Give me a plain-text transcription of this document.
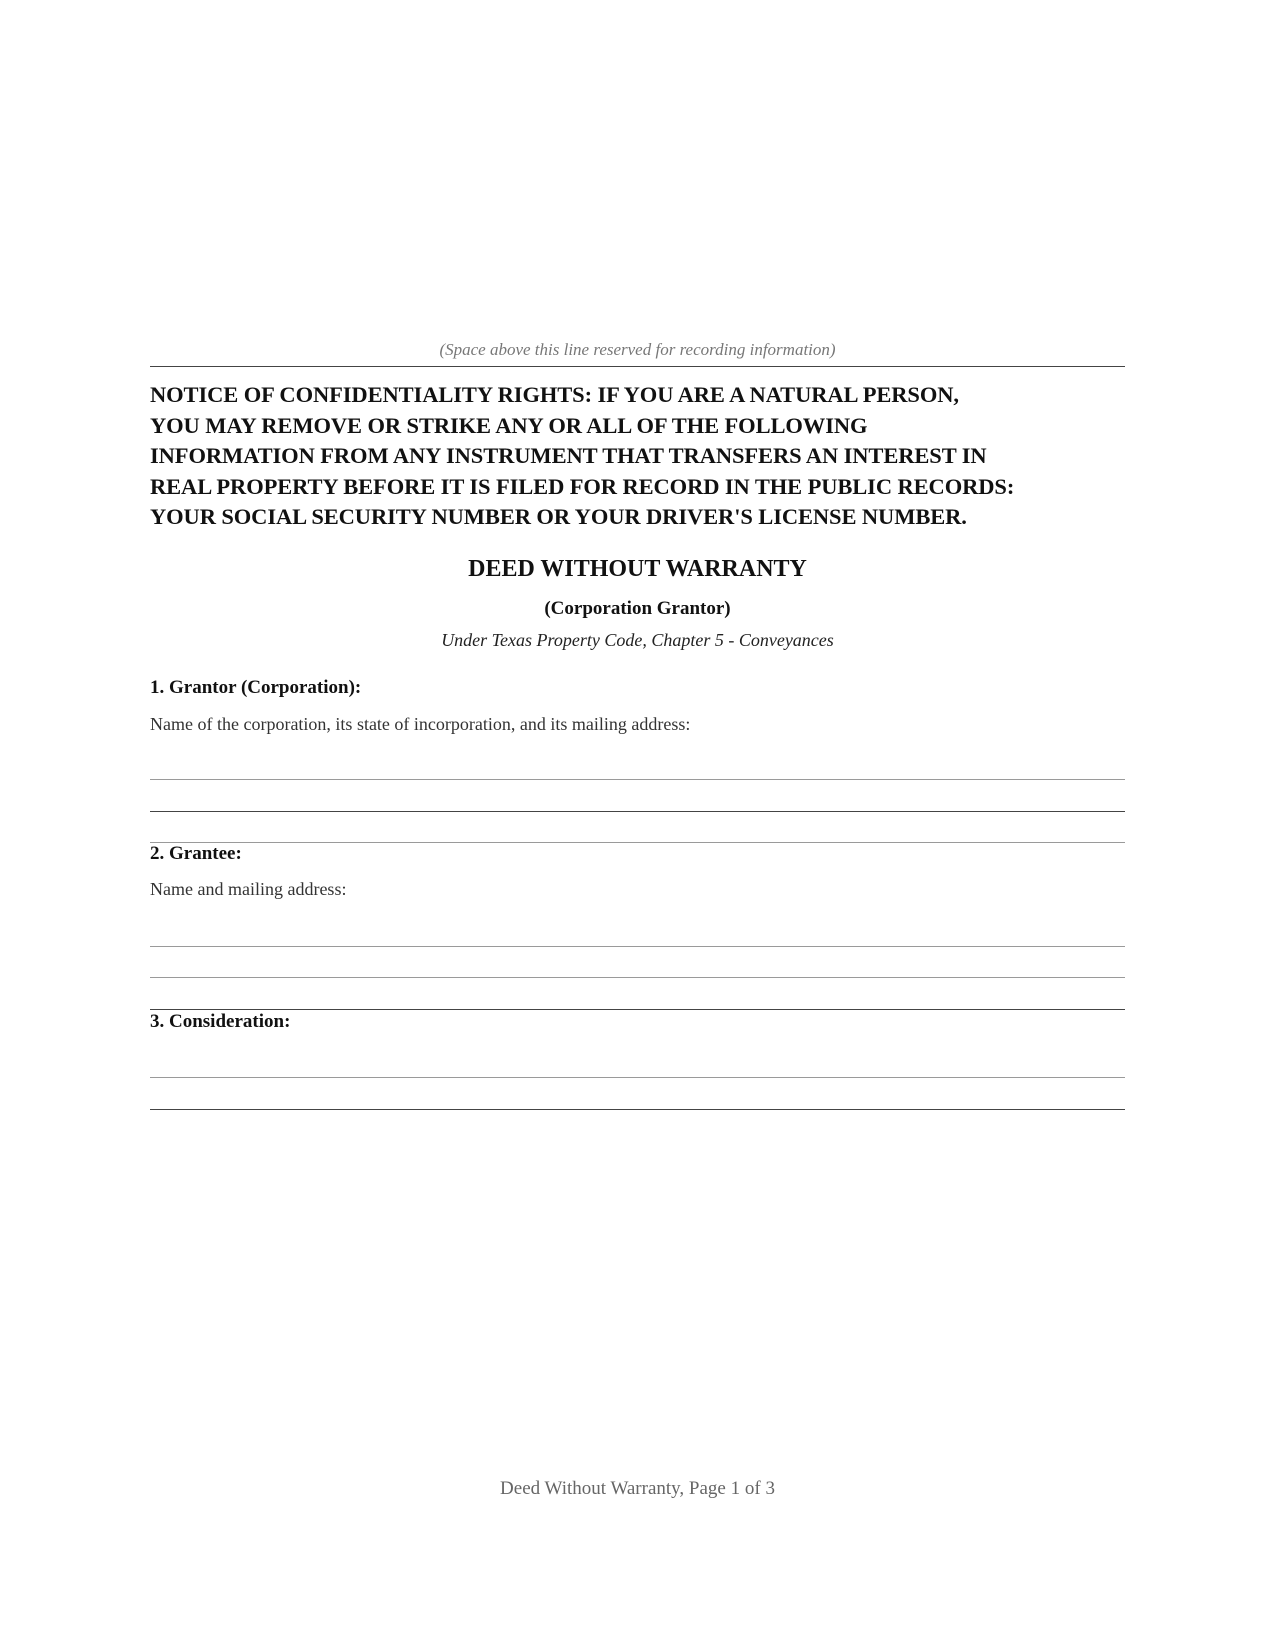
(Space above this line reserved for recording information)
NOTICE OF CONFIDENTIALITY RIGHTS: IF YOU ARE A NATURAL PERSON,
YOU MAY REMOVE OR STRIKE ANY OR ALL OF THE FOLLOWING
INFORMATION FROM ANY INSTRUMENT THAT TRANSFERS AN INTEREST IN
REAL PROPERTY BEFORE IT IS FILED FOR RECORD IN THE PUBLIC RECORDS:
YOUR SOCIAL SECURITY NUMBER OR YOUR DRIVER'S LICENSE NUMBER.
DEED WITHOUT WARRANTY
(Corporation Grantor)
Under Texas Property Code, Chapter 5 - Conveyances
1. Grantor (Corporation):
Name of the corporation, its state of incorporation, and its mailing address:
2. Grantee:
Name and mailing address:
3. Consideration:
Deed Without Warranty, Page 1 of 3
